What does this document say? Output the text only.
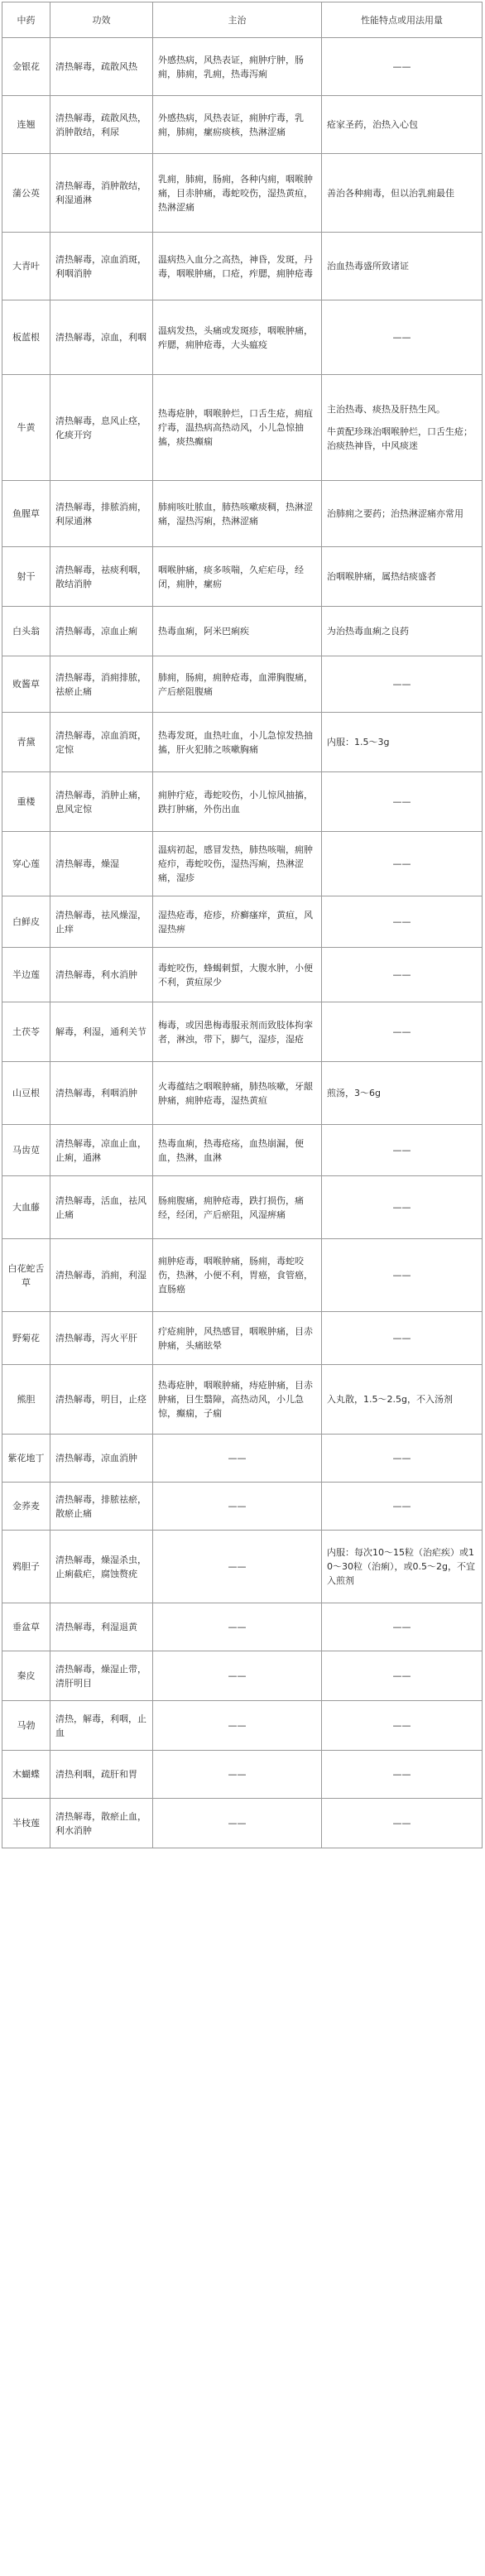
中药	功效	主治	性能特点或用法用量
金银花	清热解毒，疏散风热	外感热病，风热表证，痈肿疔肿，肠痈，肺痈，乳痈，热毒泻痢	——

连翘	清热解毒，疏散风热，消肿散结，利尿	外感热病，风热表证，痈肿疔毒，乳痈，肺痈，瘰疬痰核，热淋涩痛	疮家圣药，治热入心包
蒲公英	清热解毒，消肿散结，利湿通淋	乳痈，肺痈，肠痈，各种内痈，咽喉肿痛，目赤肿痛，毒蛇咬伤，湿热黄疸，热淋涩痛	善治各种痈毒，但以治乳痈最佳
大青叶	清热解毒，凉血消斑，利咽消肿	温病热入血分之高热，神昏，发斑，丹毒，咽喉肿痛，口疮，痄腮，痈肿疮毒	治血热毒盛所致诸证
板蓝根	清热解毒，凉血，利咽	温病发热，头痛或发斑疹，咽喉肿痛，痄腮，痈肿疮毒，大头瘟疫	——

牛黄	清热解毒，息风止痉，化痰开窍	热毒疮肿，咽喉肿烂，口舌生疮，痈疽疔毒，温热病高热动风，小儿急惊抽搐，痰热癫痫	主治热毒、痰热及肝热生风。
牛黄配珍珠治咽喉肿烂，口舌生疮；治痰热神昏，中风痰迷

鱼腥草	清热解毒，排脓消痈，利尿通淋	肺痈咳吐脓血，肺热咳嗽痰稠，热淋涩痛，湿热泻痢，热淋涩痛	治肺痈之要药；治热淋涩痛亦常用
射干	清热解毒，祛痰利咽，散结消肿	咽喉肿痛，痰多咳喘，久疟疟母，经闭，痈肿，瘰疬	治咽喉肿痛，属热结痰盛者
白头翁	清热解毒，凉血止痢	热毒血痢，阿米巴痢疾	为治热毒血痢之良药
败酱草	清热解毒，消痈排脓，祛瘀止痛	肺痈，肠痈，痈肿疮毒，血滞胸腹痛，产后瘀阻腹痛	——

青黛	清热解毒，凉血消斑，定惊	热毒发斑，血热吐血，小儿急惊发热抽搐，肝火犯肺之咳嗽胸痛	内服：1.5～3g
重楼	清热解毒，消肿止痛，息风定惊	痈肿疔疮，毒蛇咬伤，小儿惊风抽搐，跌打肿痛，外伤出血	——

穿心莲	清热解毒，燥湿	温病初起，感冒发热，肺热咳喘，痈肿疮疖，毒蛇咬伤，湿热泻痢，热淋涩痛，湿疹	——

白鲜皮	清热解毒，祛风燥湿，止痒	湿热疮毒，疮疹，疥癣瘙痒，黄疸，风湿热痹	——

半边莲	清热解毒，利水消肿	毒蛇咬伤，蜂蝎刺蜇，大腹水肿，小便不利，黄疸尿少	——

土茯苓	解毒，利湿，通利关节	梅毒，或因患梅毒服汞剂而致肢体拘挛者，淋浊，带下，脚气，湿疹，湿疮	——

山豆根	清热解毒，利咽消肿	火毒蕴结之咽喉肿痛，肺热咳嗽，牙龈肿痛，痈肿疮毒，湿热黄疸	煎汤，3～6g
马齿苋	清热解毒，凉血止血，止痢，通淋	热毒血痢，热毒疮疡，血热崩漏，便血，热淋，血淋	——

大血藤	清热解毒，活血，祛风止痛	肠痈腹痛，痈肿疮毒，跌打损伤，痛经，经闭，产后瘀阻，风湿痹痛	——

白花蛇舌草	清热解毒，消痈，利湿	痈肿疮毒，咽喉肿痛，肠痈，毒蛇咬伤，热淋，小便不利，胃癌，食管癌，直肠癌	——

野菊花	清热解毒，泻火平肝	疔疮痈肿，风热感冒，咽喉肿痛，目赤肿痛，头痛眩晕	——

熊胆	清热解毒，明目，止痉	热毒疮肿，咽喉肿痛，痔疮肿痛，目赤肿痛，目生翳障，高热动风，小儿急惊，癫痫，子痫	入丸散，1.5～2.5g，不入汤剂
紫花地丁	清热解毒，凉血消肿	——	——

金荞麦	清热解毒，排脓祛瘀，散瘀止痛	——	——

鸦胆子	清热解毒，燥湿杀虫，止痢截疟，腐蚀赘疣	——	内服：每次10～15粒（治疟疾）或10～30粒（治痢），或0.5～2g，不宜入煎剂
垂盆草	清热解毒，利湿退黄	——	——

秦皮	清热解毒，燥湿止带，清肝明目	——	——

马勃	清热，解毒，利咽，止血	——	——

木蝴蝶	清热利咽，疏肝和胃	——	——

半枝莲	清热解毒，散瘀止血，利水消肿	——	——
